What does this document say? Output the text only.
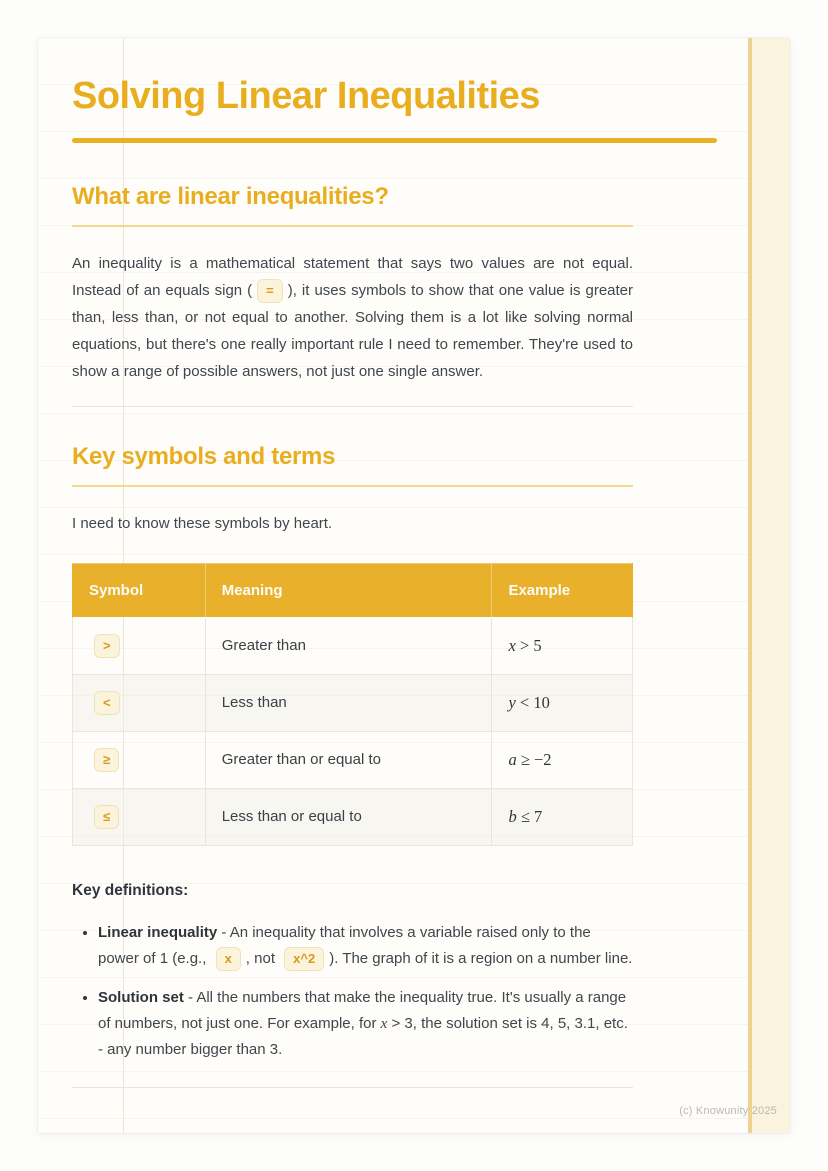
Solving Linear Inequalities
What are linear inequalities?

An inequality is a mathematical statement that says two values are not equal. Instead of an equals sign ( = ), it uses symbols to show that one value is greater than, less than, or not equal to another. Solving them is a lot like solving normal equations, but there's one really important rule I need to remember. They're used to show a range of possible answers, not just one single answer.

Key symbols and terms

I need to know these symbols by heart.

Symbol	Meaning	Example
>	Greater than	x > 5
<	Less than	y < 10
≥	Greater than or equal to	a ≥ −2
≤	Less than or equal to	b ≤ 7

Key definitions:

• Linear inequality - An inequality that involves a variable raised only to the power of 1 (e.g., x , not x^2 ). The graph of it is a region on a number line.
• Solution set - All the numbers that make the inequality true. It's usually a range of numbers, not just one. For example, for x > 3, the solution set is 4, 5, 3.1, etc. - any number bigger than 3.
(c) Knowunity 2025
